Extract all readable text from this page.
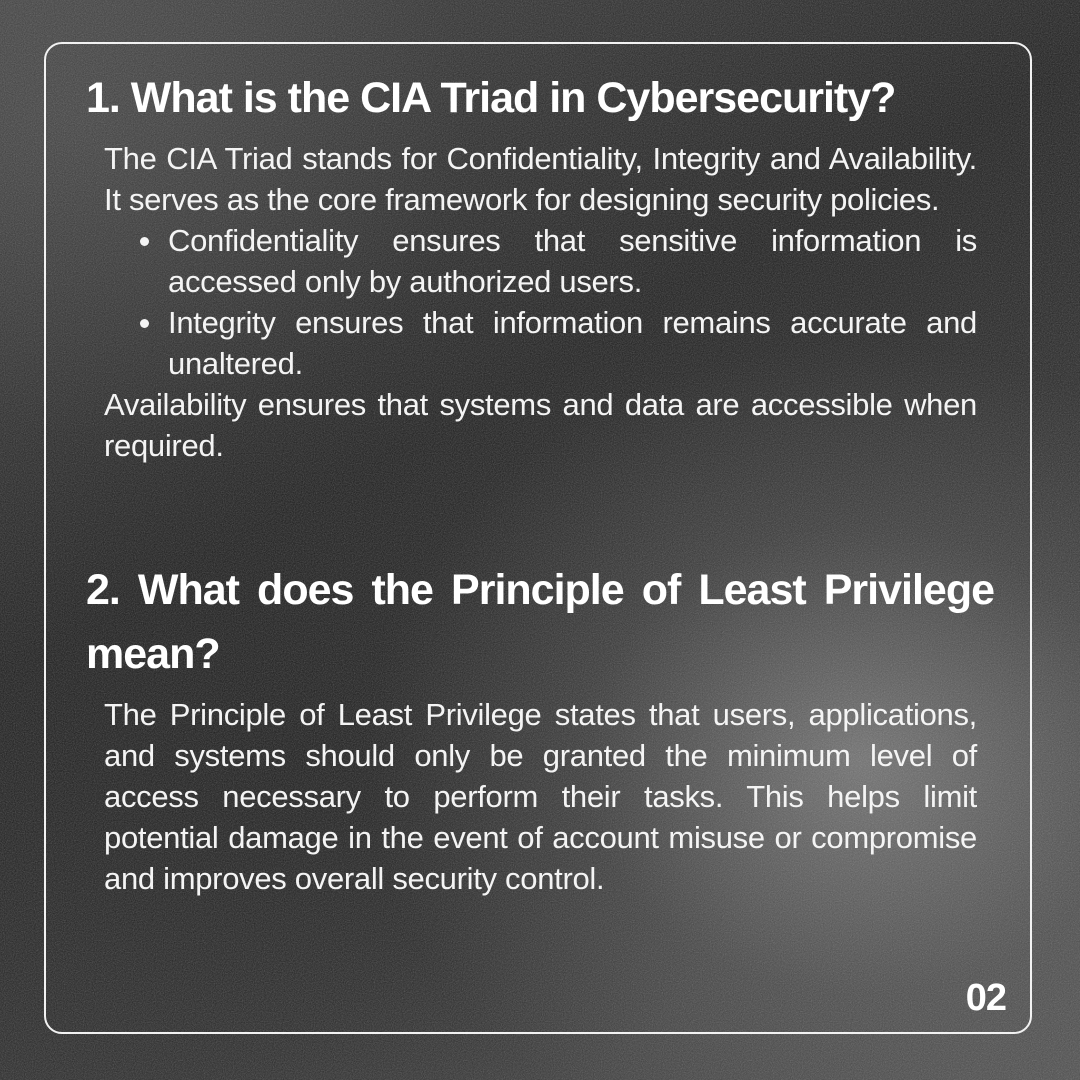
1. What is the CIA Triad in Cybersecurity?

The CIA Triad stands for Confidentiality, Integrity and Availability. It serves as the core framework for designing security policies.

Confidentiality ensures that sensitive information is accessed only by authorized users.
Integrity ensures that information remains accurate and unaltered.

Availability ensures that systems and data are accessible when required.

2. What does the Principle of Least Privilege mean?

The Principle of Least Privilege states that users, applications, and systems should only be granted the minimum level of access necessary to perform their tasks. This helps limit potential damage in the event of account misuse or compromise and improves overall security control.

02
